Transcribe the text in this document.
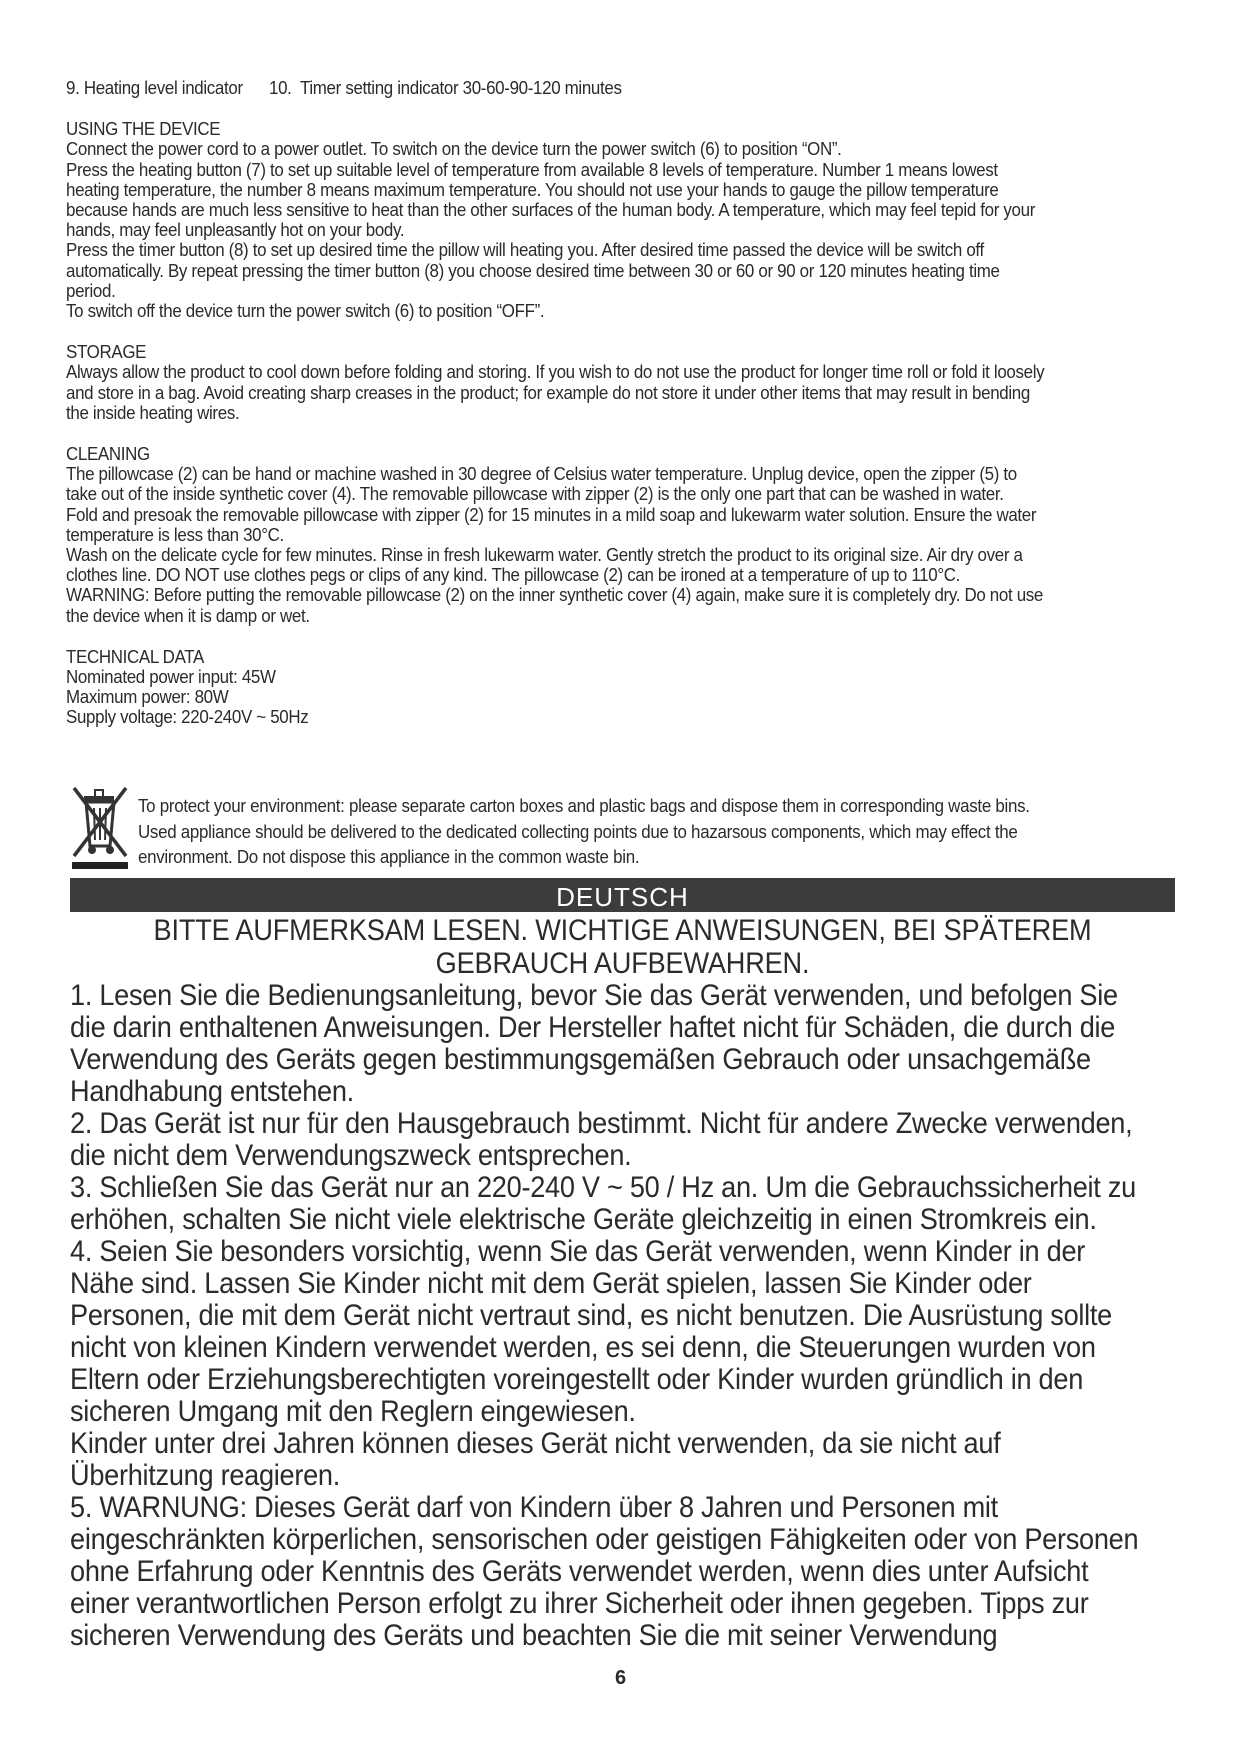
9. Heating level indicator      10.  Timer setting indicator 30-60-90-120 minutes

USING THE DEVICE

Connect the power cord to a power outlet. To switch on the device turn the power switch (6) to position “ON”.

Press the heating button (7) to set up suitable level of temperature from available 8 levels of temperature. Number 1 means lowest

heating temperature, the number 8 means maximum temperature. You should not use your hands to gauge the pillow temperature

because hands are much less sensitive to heat than the other surfaces of the human body. A temperature, which may feel tepid for your

hands, may feel unpleasantly hot on your body.

Press the timer button (8) to set up desired time the pillow will heating you. After desired time passed the device will be switch off

automatically. By repeat pressing the timer button (8) you choose desired time between 30 or 60 or 90 or 120 minutes heating time

period.

To switch off the device turn the power switch (6) to position “OFF”.

STORAGE

Always allow the product to cool down before folding and storing. If you wish to do not use the product for longer time roll or fold it loosely

and store in a bag. Avoid creating sharp creases in the product; for example do not store it under other items that may result in bending

the inside heating wires.

CLEANING

The pillowcase (2) can be hand or machine washed in 30 degree of Celsius water temperature. Unplug device, open the zipper (5) to

take out of the inside synthetic cover (4). The removable pillowcase with zipper (2) is the only one part that can be washed in water.

Fold and presoak the removable pillowcase with zipper (2) for 15 minutes in a mild soap and lukewarm water solution. Ensure the water

temperature is less than 30°C.

Wash on the delicate cycle for few minutes. Rinse in fresh lukewarm water. Gently stretch the product to its original size. Air dry over a

clothes line. DO NOT use clothes pegs or clips of any kind. The pillowcase (2) can be ironed at a temperature of up to 110°C.

WARNING: Before putting the removable pillowcase (2) on the inner synthetic cover (4) again, make sure it is completely dry. Do not use

the device when it is damp or wet.

TECHNICAL DATA

Nominated power input: 45W

Maximum power: 80W

Supply voltage: 220-240V ~ 50Hz

To protect your environment: please separate carton boxes and plastic bags and dispose them in corresponding waste bins.

Used appliance should be delivered to the dedicated collecting points due to hazarsous components, which may effect the

environment. Do not dispose this appliance in the common waste bin.

DEUTSCH
BITTE AUFMERKSAM LESEN. WICHTIGE ANWEISUNGEN, BEI SPÄTEREM
GEBRAUCH AUFBEWAHREN.

1. Lesen Sie die Bedienungsanleitung, bevor Sie das Gerät verwenden, und befolgen Sie

die darin enthaltenen Anweisungen. Der Hersteller haftet nicht für Schäden, die durch die

Verwendung des Geräts gegen bestimmungsgemäßen Gebrauch oder unsachgemäße

Handhabung entstehen.

2. Das Gerät ist nur für den Hausgebrauch bestimmt. Nicht für andere Zwecke verwenden,

die nicht dem Verwendungszweck entsprechen.

3. Schließen Sie das Gerät nur an 220-240 V ~ 50 / Hz an. Um die Gebrauchssicherheit zu

erhöhen, schalten Sie nicht viele elektrische Geräte gleichzeitig in einen Stromkreis ein.

4. Seien Sie besonders vorsichtig, wenn Sie das Gerät verwenden, wenn Kinder in der

Nähe sind. Lassen Sie Kinder nicht mit dem Gerät spielen, lassen Sie Kinder oder

Personen, die mit dem Gerät nicht vertraut sind, es nicht benutzen. Die Ausrüstung sollte

nicht von kleinen Kindern verwendet werden, es sei denn, die Steuerungen wurden von

Eltern oder Erziehungsberechtigten voreingestellt oder Kinder wurden gründlich in den

sicheren Umgang mit den Reglern eingewiesen.

Kinder unter drei Jahren können dieses Gerät nicht verwenden, da sie nicht auf

Überhitzung reagieren.

5. WARNUNG: Dieses Gerät darf von Kindern über 8 Jahren und Personen mit

eingeschränkten körperlichen, sensorischen oder geistigen Fähigkeiten oder von Personen

ohne Erfahrung oder Kenntnis des Geräts verwendet werden, wenn dies unter Aufsicht

einer verantwortlichen Person erfolgt zu ihrer Sicherheit oder ihnen gegeben. Tipps zur

sicheren Verwendung des Geräts und beachten Sie die mit seiner Verwendung

6
